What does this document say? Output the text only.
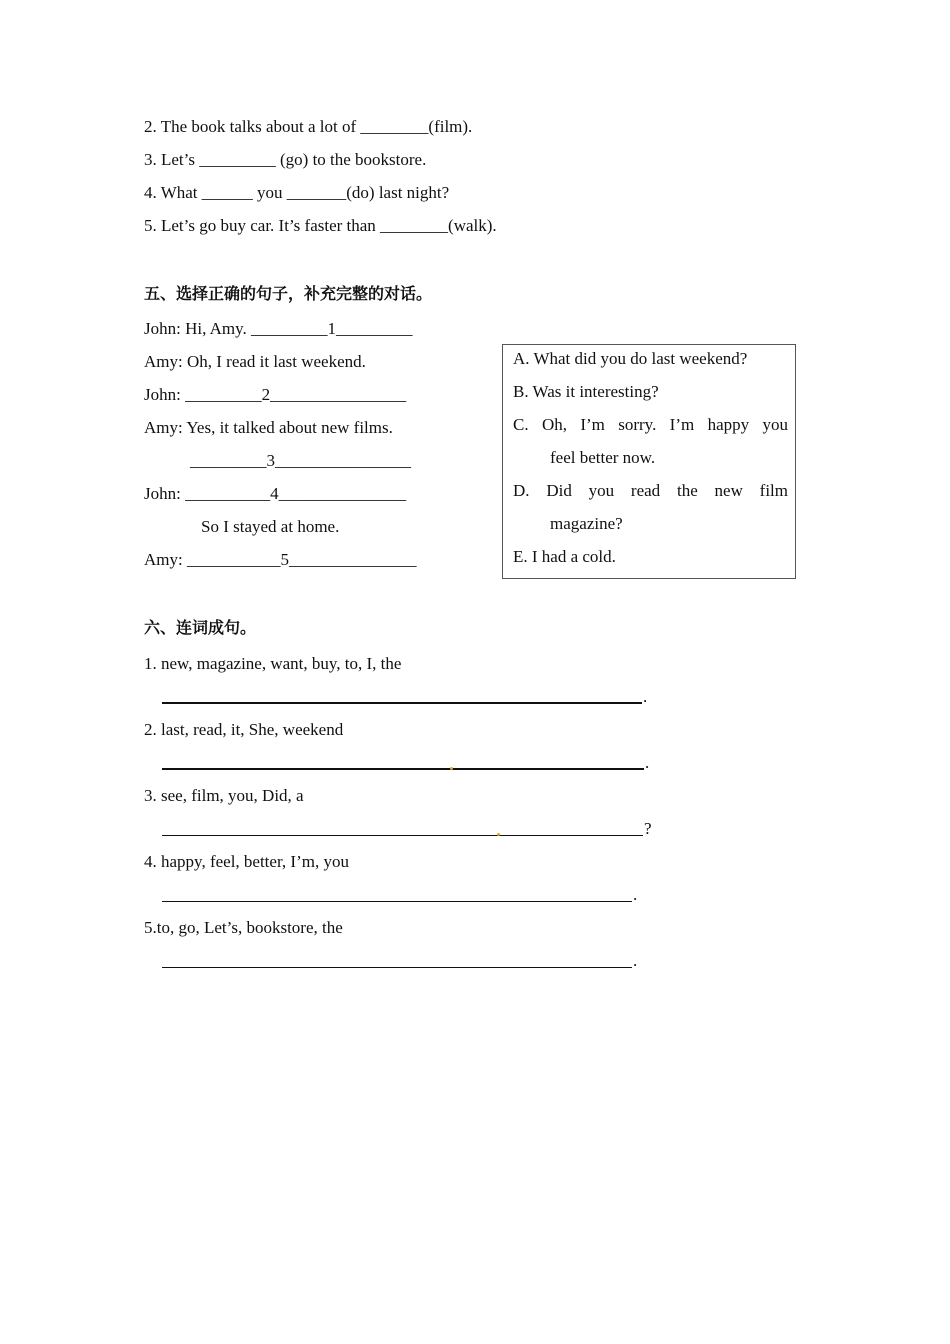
2. The book talks about a lot of ________(film).
3. Let’s _________ (go) to the bookstore.
4. What ______ you _______(do) last night?
5. Let’s go buy car. It’s faster than ________(walk).
五、选择正确的句子，补充完整的对话。
John: Hi, Amy. _________1_________
Amy: Oh, I read it last weekend.
John: _________2________________
Amy: Yes, it talked about new films.
_________3________________
John: __________4_______________
So I stayed at home.
Amy: ___________5_______________
A. What did you do last weekend?
B. Was it interesting?
C. Oh, I’m sorry. I’m happy you
feel better now.
D. Did you read the new film
magazine?
E. I had a cold.
六、连词成句。
1. new, magazine, want, buy, to, I, the
.
2. last, read, it, She, weekend
.
3. see, film, you, Did, a
?
4. happy, feel, better, I’m, you
.
5.to, go, Let’s, bookstore, the
.
